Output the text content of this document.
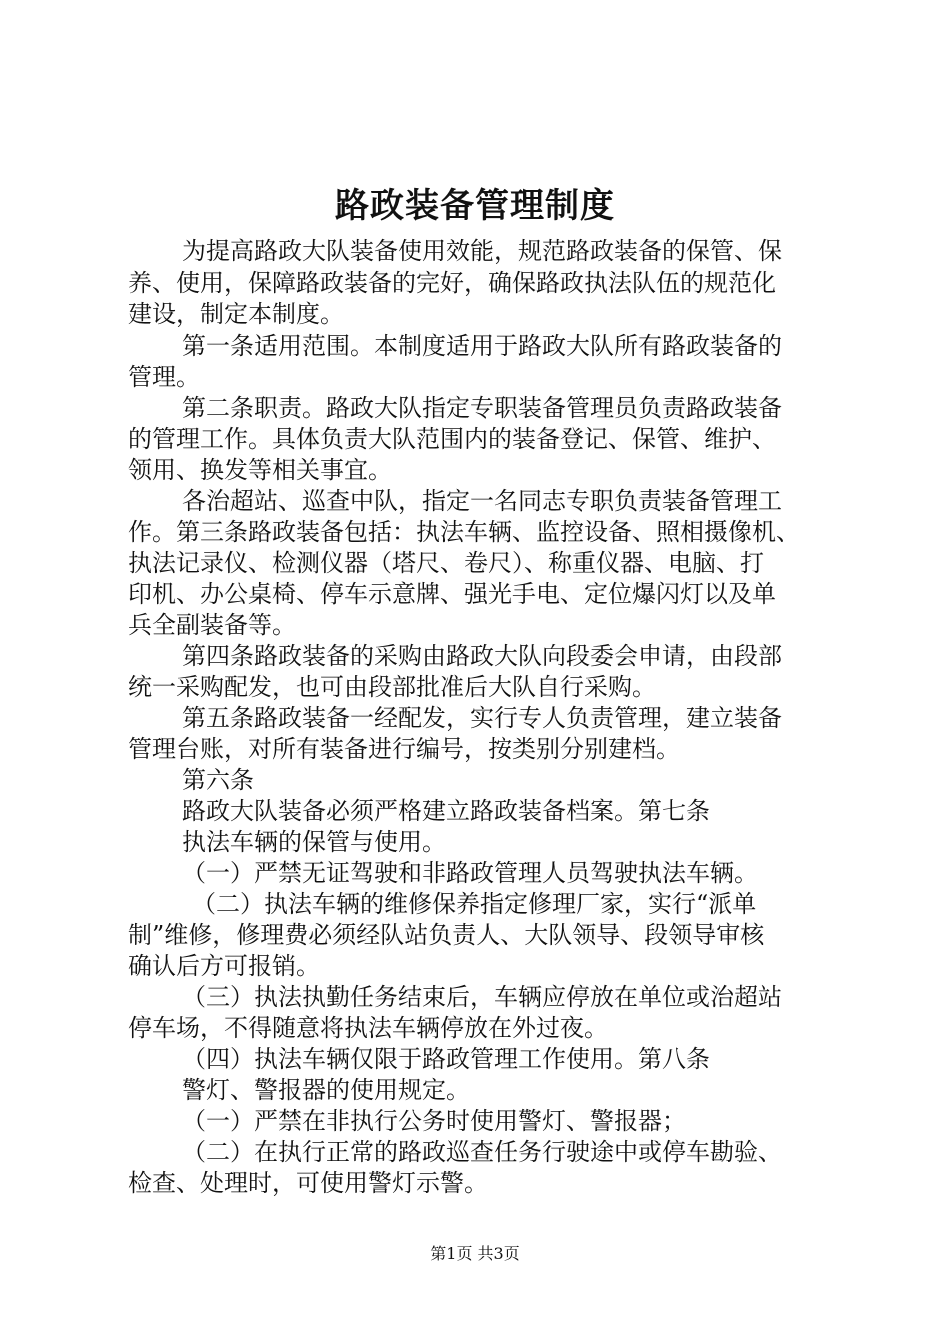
路政装备管理制度
为提高路政大队装备使用效能，规范路政装备的保管、保
养、使用，保障路政装备的完好，确保路政执法队伍的规范化
建设，制定本制度。
第一条适用范围。本制度适用于路政大队所有路政装备的
管理。
第二条职责。路政大队指定专职装备管理员负责路政装备
的管理工作。具体负责大队范围内的装备登记、保管、维护、
领用、换发等相关事宜。
各治超站、巡查中队，指定一名同志专职负责装备管理工
作。第三条路政装备包括：执法车辆、监控设备、照相摄像机、
执法记录仪、检测仪器（塔尺、卷尺）、称重仪器、电脑、打
印机、办公桌椅、停车示意牌、强光手电、定位爆闪灯以及单
兵全副装备等。
第四条路政装备的采购由路政大队向段委会申请，由段部
统一采购配发，也可由段部批准后大队自行采购。
第五条路政装备一经配发，实行专人负责管理，建立装备
管理台账，对所有装备进行编号，按类别分别建档。
第六条
路政大队装备必须严格建立路政装备档案。第七条
执法车辆的保管与使用。
（一）严禁无证驾驶和非路政管理人员驾驶执法车辆。
（二）执法车辆的维修保养指定修理厂家，实行“派单
制”维修，修理费必须经队站负责人、大队领导、段领导审核
确认后方可报销。
（三）执法执勤任务结束后，车辆应停放在单位或治超站
停车场，不得随意将执法车辆停放在外过夜。
（四）执法车辆仅限于路政管理工作使用。第八条
警灯、警报器的使用规定。
（一）严禁在非执行公务时使用警灯、警报器；
（二）在执行正常的路政巡查任务行驶途中或停车勘验、
检查、处理时，可使用警灯示警。
第1页 共3页
